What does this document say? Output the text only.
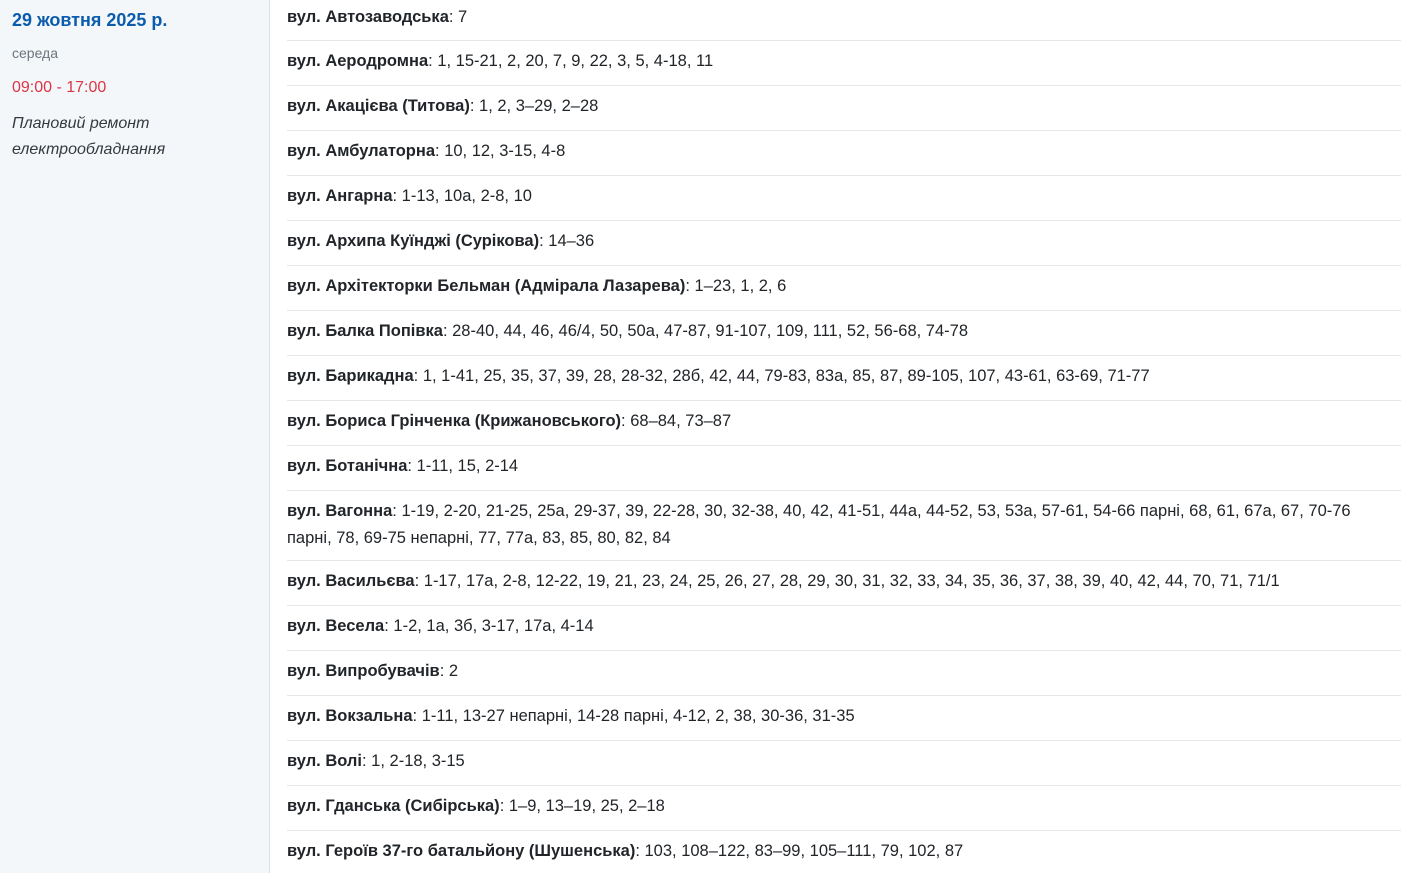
29 жовтня 2025 р.
середа
09:00 - 17:00
Плановий ремонт електрообладнання
вул. Автозаводська: 7
вул. Аеродромна: 1, 15-21, 2, 20, 7, 9, 22, 3, 5, 4-18, 11
вул. Акацієва (Титова): 1, 2, 3–29, 2–28
вул. Амбулаторна: 10, 12, 3-15, 4-8
вул. Ангарна: 1-13, 10а, 2-8, 10
вул. Архипа Куїнджі (Сурікова): 14–36
вул. Архітекторки Бельман (Адмірала Лазарева): 1–23, 1, 2, 6
вул. Балка Попівка: 28-40, 44, 46, 46/4, 50, 50а, 47-87, 91-107, 109, 111, 52, 56-68, 74-78
вул. Барикадна: 1, 1-41, 25, 35, 37, 39, 28, 28-32, 28б, 42, 44, 79-83, 83а, 85, 87, 89-105, 107, 43-61, 63-69, 71-77
вул. Бориса Грінченка (Крижановського): 68–84, 73–87
вул. Ботанічна: 1-11, 15, 2-14
вул. Вагонна: 1-19, 2-20, 21-25, 25а, 29-37, 39, 22-28, 30, 32-38, 40, 42, 41-51, 44а, 44-52, 53, 53а, 57-61, 54-66 парні, 68, 61, 67а, 67, 70-76 парні, 78, 69-75 непарні, 77, 77а, 83, 85, 80, 82, 84
вул. Васильєва: 1-17, 17а, 2-8, 12-22, 19, 21, 23, 24, 25, 26, 27, 28, 29, 30, 31, 32, 33, 34, 35, 36, 37, 38, 39, 40, 42, 44, 70, 71, 71/1
вул. Весела: 1-2, 1а, 3б, 3-17, 17а, 4-14
вул. Випробувачів: 2
вул. Вокзальна: 1-11, 13-27 непарні, 14-28 парні, 4-12, 2, 38, 30-36, 31-35
вул. Волі: 1, 2-18, 3-15
вул. Гданська (Сибірська): 1–9, 13–19, 25, 2–18
вул. Героїв 37-го батальйону (Шушенська): 103, 108–122, 83–99, 105–111, 79, 102, 87
